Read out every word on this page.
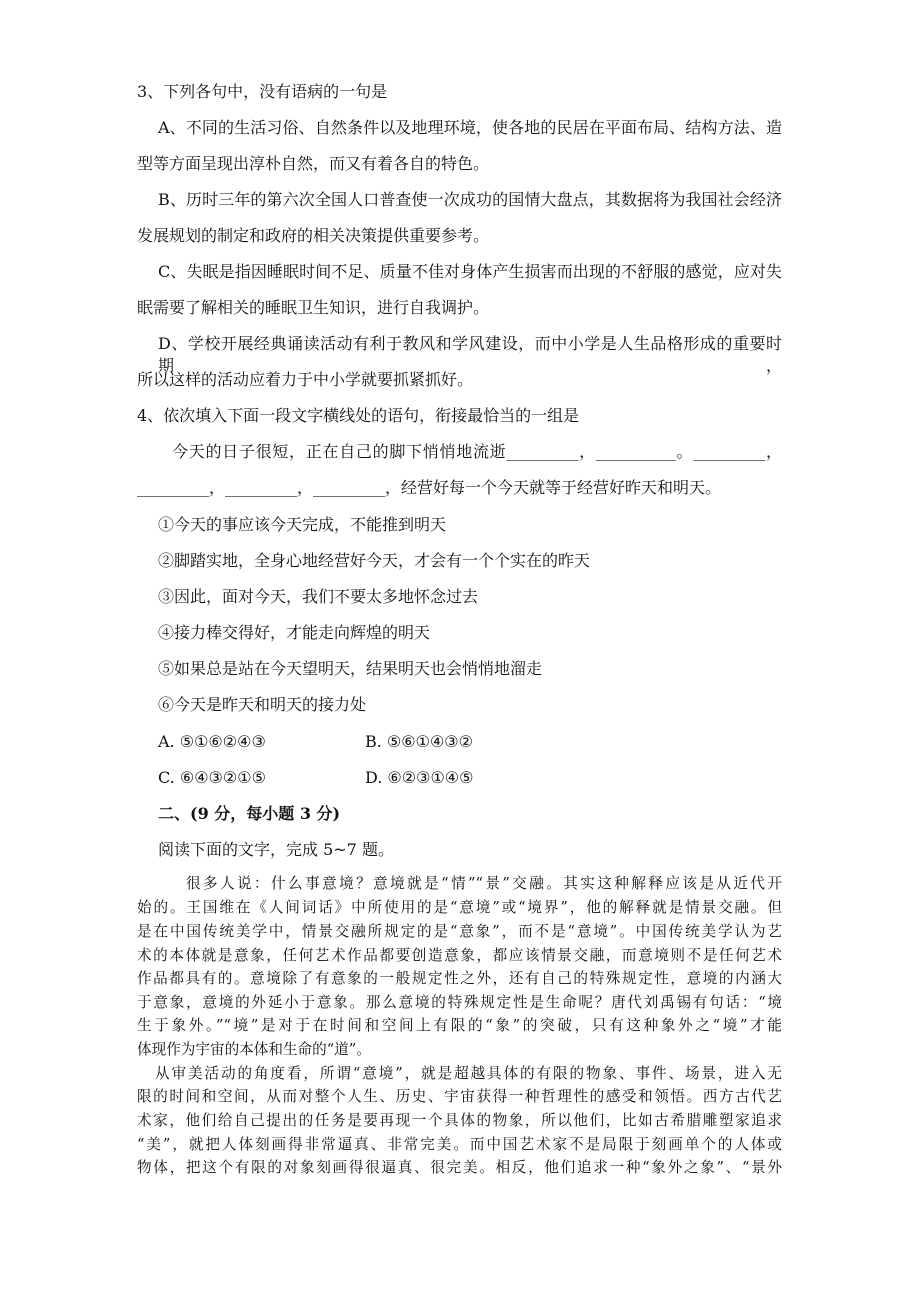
3、下列各句中，没有语病的一句是
A、不同的生活习俗、自然条件以及地理环境，使各地的民居在平面布局、结构方法、造
型等方面呈现出淳朴自然，而又有着各自的特色。
B、历时三年的第六次全国人口普查使一次成功的国情大盘点，其数据将为我国社会经济
发展规划的制定和政府的相关决策提供重要参考。
C、失眠是指因睡眠时间不足、质量不佳对身体产生损害而出现的不舒服的感觉，应对失
眠需要了解相关的睡眠卫生知识，进行自我调护。
D、学校开展经典诵读活动有利于教风和学风建设，而中小学是人生品格形成的重要时期，
所以这样的活动应着力于中小学就要抓紧抓好。
4、依次填入下面一段文字横线处的语句，衔接最恰当的一组是
今天的日子很短，正在自己的脚下悄悄地流逝_________，__________。_________，
_________，_________，_________，经营好每一个今天就等于经营好昨天和明天。
①今天的事应该今天完成，不能推到明天
②脚踏实地，全身心地经营好今天，才会有一个个实在的昨天
③因此，面对今天，我们不要太多地怀念过去
④接力棒交得好，才能走向辉煌的明天
⑤如果总是站在今天望明天，结果明天也会悄悄地溜走
⑥今天是昨天和明天的接力处
A. ⑤①⑥②④③	B. ⑤⑥①④③②
C. ⑥④③②①⑤	D. ⑥②③①④⑤
二、(9 分，每小题 3 分)
阅读下面的文字，完成 5~7 题。
很多人说：什么事意境？意境就是“情”“景”交融。其实这种解释应该是从近代开
始的。王国维在《人间词话》中所使用的是“意境”或“境界”，他的解释就是情景交融。但
是在中国传统美学中，情景交融所规定的是“意象”，而不是“意境”。中国传统美学认为艺
术的本体就是意象，任何艺术作品都要创造意象，都应该情景交融，而意境则不是任何艺术
作品都具有的。意境除了有意象的一般规定性之外，还有自己的特殊规定性，意境的内涵大
于意象，意境的外延小于意象。那么意境的特殊规定性是生命呢？唐代刘禹锡有句话：“境
生于象外。”“境”是对于在时间和空间上有限的“象”的突破，只有这种象外之“境”才能
体现作为宇宙的本体和生命的“道”。
从审美活动的角度看，所谓“意境”，就是超越具体的有限的物象、事件、场景，进入无
限的时间和空间，从而对整个人生、历史、宇宙获得一种哲理性的感受和领悟。西方古代艺
术家，他们给自己提出的任务是要再现一个具体的物象，所以他们，比如古希腊雕塑家追求
“美”，就把人体刻画得非常逼真、非常完美。而中国艺术家不是局限于刻画单个的人体或
物体，把这个有限的对象刻画得很逼真、很完美。相反，他们追求一种“象外之象”、“景外
